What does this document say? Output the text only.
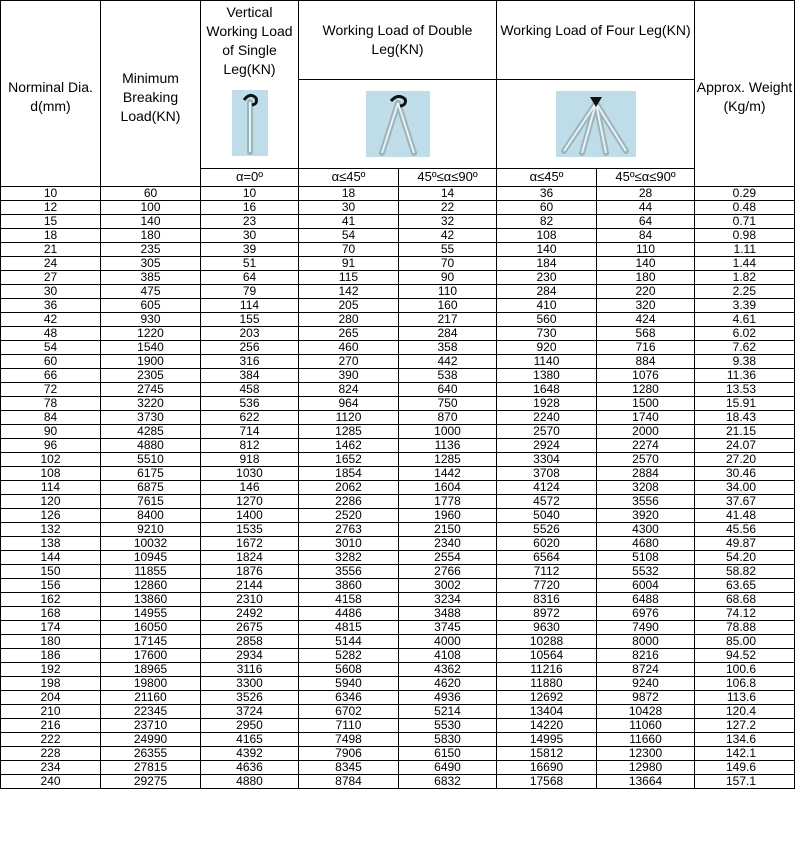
Norminal Dia. d(mm)	Minimum Breaking Load(KN)	Vertical Working Load of Single Leg(KN)	Working Load of Double Leg(KN)		Working Load of Four Leg(KN)		Approx. Weight (Kg/m)

		α=0º	α≤45º	45º≤α≤90º	α≤45º	45º≤α≤90º	
10	60	10	18	14	36	28	0.29
12	100	16	30	22	60	44	0.48
15	140	23	41	32	82	64	0.71
18	180	30	54	42	108	84	0.98
21	235	39	70	55	140	110	1.11
24	305	51	91	70	184	140	1.44
27	385	64	115	90	230	180	1.82
30	475	79	142	110	284	220	2.25
36	605	114	205	160	410	320	3.39
42	930	155	280	217	560	424	4.61
48	1220	203	265	284	730	568	6.02
54	1540	256	460	358	920	716	7.62
60	1900	316	270	442	1140	884	9.38
66	2305	384	390	538	1380	1076	11.36
72	2745	458	824	640	1648	1280	13.53
78	3220	536	964	750	1928	1500	15.91
84	3730	622	1120	870	2240	1740	18.43
90	4285	714	1285	1000	2570	2000	21.15
96	4880	812	1462	1136	2924	2274	24.07
102	5510	918	1652	1285	3304	2570	27.20
108	6175	1030	1854	1442	3708	2884	30.46
114	6875	146	2062	1604	4124	3208	34.00
120	7615	1270	2286	1778	4572	3556	37.67
126	8400	1400	2520	1960	5040	3920	41.48
132	9210	1535	2763	2150	5526	4300	45.56
138	10032	1672	3010	2340	6020	4680	49.87
144	10945	1824	3282	2554	6564	5108	54.20
150	11855	1876	3556	2766	7112	5532	58.82
156	12860	2144	3860	3002	7720	6004	63.65
162	13860	2310	4158	3234	8316	6488	68.68
168	14955	2492	4486	3488	8972	6976	74.12
174	16050	2675	4815	3745	9630	7490	78.88
180	17145	2858	5144	4000	10288	8000	85.00
186	17600	2934	5282	4108	10564	8216	94.52
192	18965	3116	5608	4362	11216	8724	100.6
198	19800	3300	5940	4620	11880	9240	106.8
204	21160	3526	6346	4936	12692	9872	113.6
210	22345	3724	6702	5214	13404	10428	120.4
216	23710	2950	7110	5530	14220	11060	127.2
222	24990	4165	7498	5830	14995	11660	134.6
228	26355	4392	7906	6150	15812	12300	142.1
234	27815	4636	8345	6490	16690	12980	149.6
240	29275	4880	8784	6832	17568	13664	157.1
